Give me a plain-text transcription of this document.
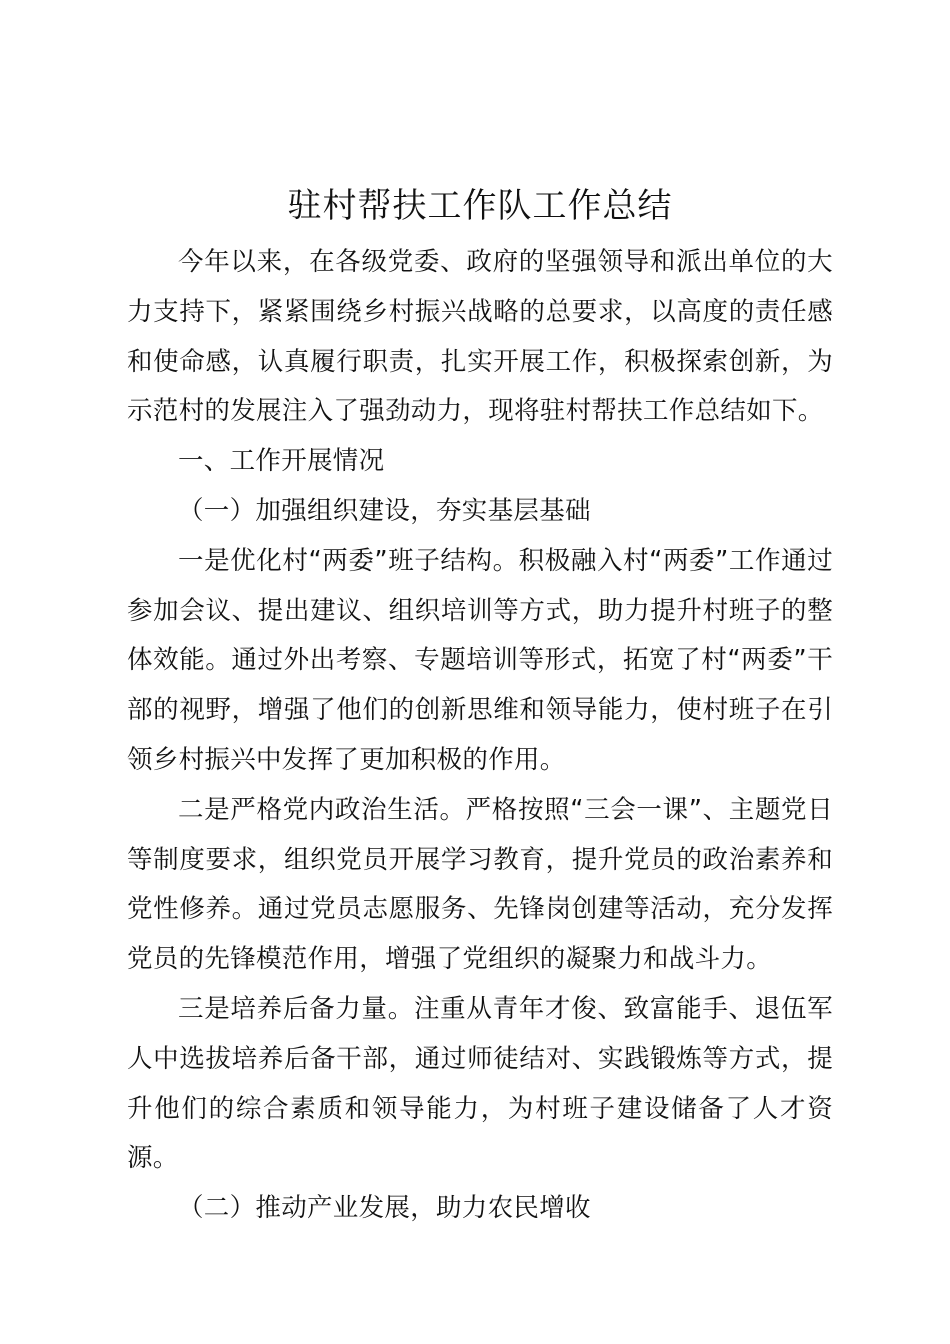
驻村帮扶工作队工作总结

今年以来，在各级党委、政府的坚强领导和派出单位的大力支持下，紧紧围绕乡村振兴战略的总要求，以高度的责任感和使命感，认真履行职责，扎实开展工作，积极探索创新，为示范村的发展注入了强劲动力，现将驻村帮扶工作总结如下。

一、工作开展情况

（一）加强组织建设，夯实基层基础

一是优化村“两委”班子结构。积极融入村“两委”工作通过参加会议、提出建议、组织培训等方式，助力提升村班子的整体效能。通过外出考察、专题培训等形式，拓宽了村“两委”干部的视野，增强了他们的创新思维和领导能力，使村班子在引领乡村振兴中发挥了更加积极的作用。

二是严格党内政治生活。严格按照“三会一课”、主题党日等制度要求，组织党员开展学习教育，提升党员的政治素养和党性修养。通过党员志愿服务、先锋岗创建等活动，充分发挥党员的先锋模范作用，增强了党组织的凝聚力和战斗力。

三是培养后备力量。注重从青年才俊、致富能手、退伍军人中选拔培养后备干部，通过师徒结对、实践锻炼等方式，提升他们的综合素质和领导能力，为村班子建设储备了人才资源。

（二）推动产业发展，助力农民增收
